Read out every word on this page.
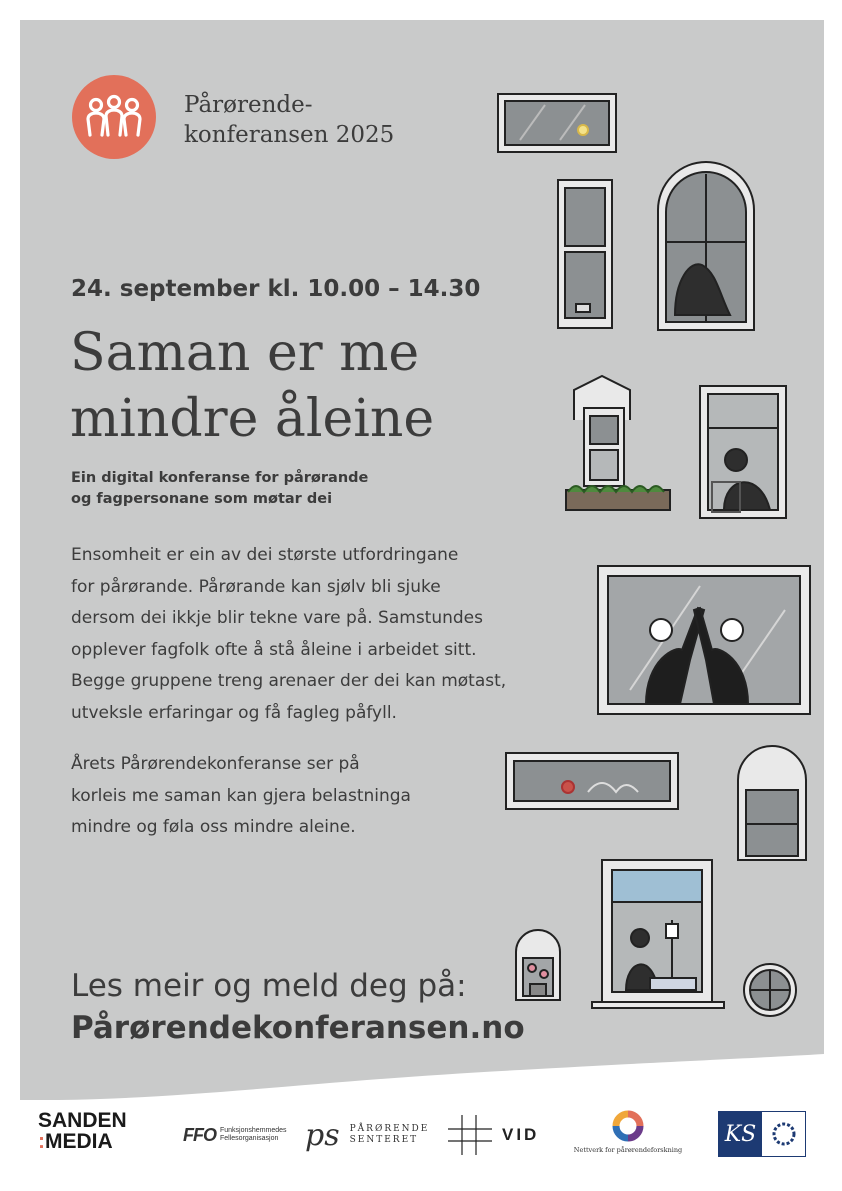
Pårørende-
konferansen 2025
24. september kl. 10.00 – 14.30
Saman er me
mindre åleine
Ein digital konferanse for pårørande
og fagpersonane som møtar dei

Ensomheit er ein av dei største utfordringane
for pårørande. Pårørande kan sjølv bli sjuke
dersom dei ikkje blir tekne vare på. Samstundes
opplever fagfolk ofte å stå åleine i arbeidet sitt.
Begge gruppene treng arenaer der dei kan møtast,
utveksle erfaringar og få fagleg påfyll.

Årets Pårørendekonferanse ser på
korleis me saman kan gjera belastninga
mindre og føla oss mindre aleine.

Les meir og meld deg på:
Pårørendekonferansen.no
SANDEN
:MEDIA	FFO Funksjonshemmedes
Fellesorganisasjon ps PÅRØRENDE
SENTERET	VID
Nettverk for pårørendeforskning
KS
